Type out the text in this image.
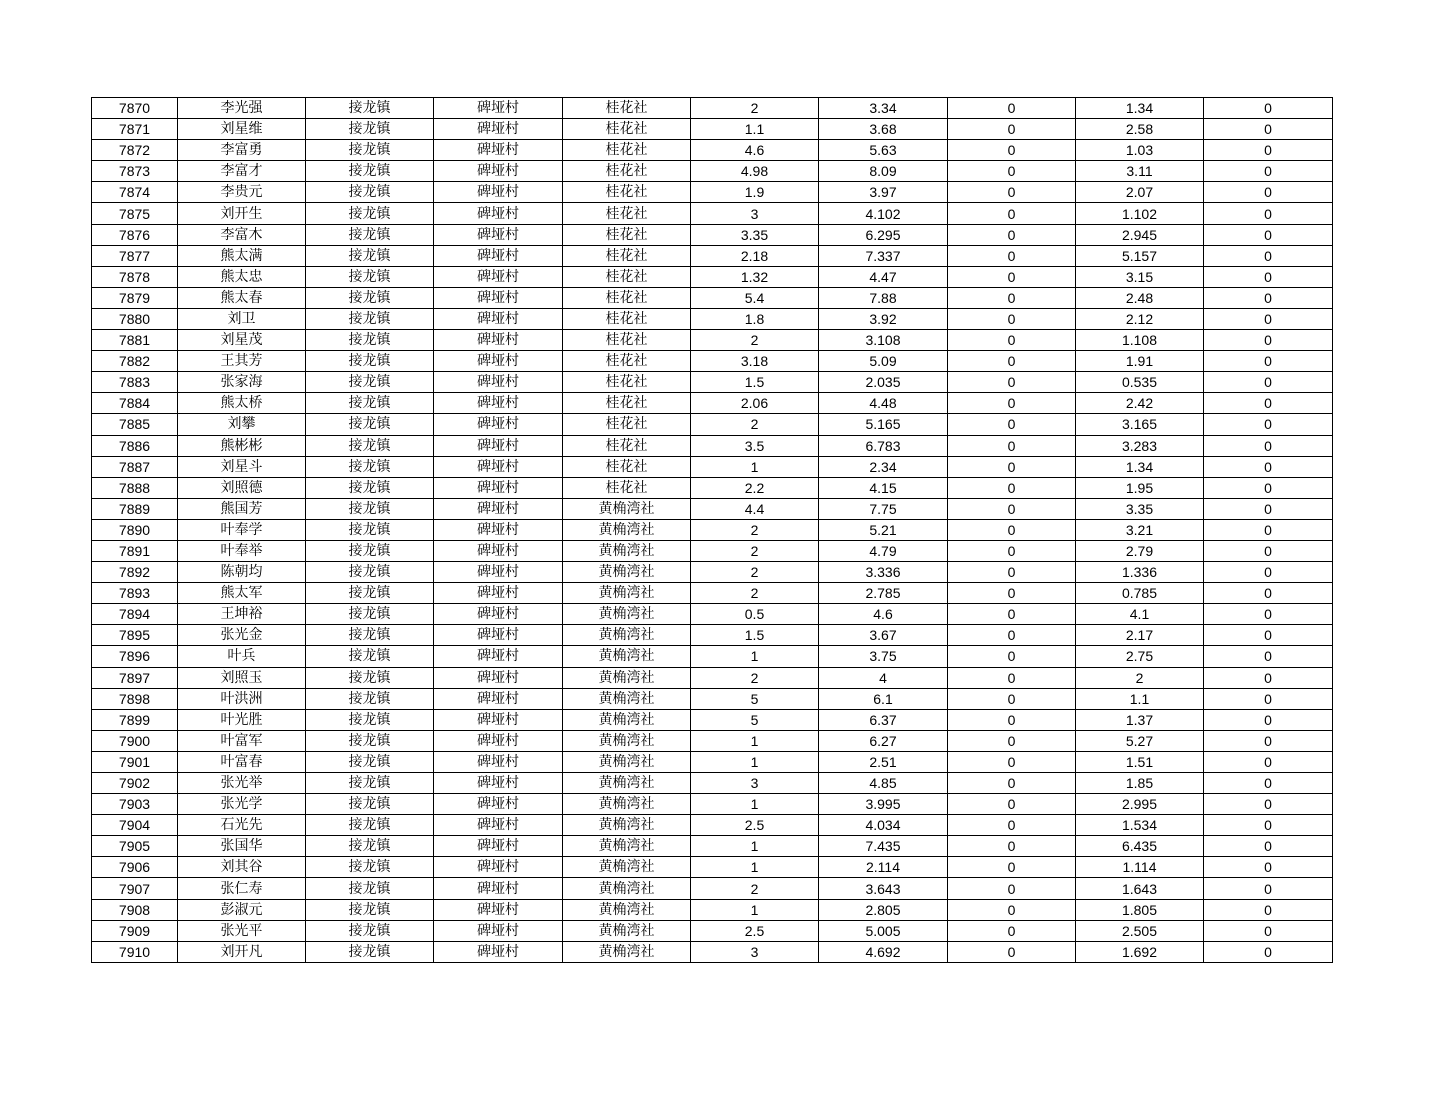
7870	李光强	接龙镇	碑垭村	桂花社	2	3.34	0	1.34	0
7871	刘星维	接龙镇	碑垭村	桂花社	1.1	3.68	0	2.58	0
7872	李富勇	接龙镇	碑垭村	桂花社	4.6	5.63	0	1.03	0
7873	李富才	接龙镇	碑垭村	桂花社	4.98	8.09	0	3.11	0
7874	李贵元	接龙镇	碑垭村	桂花社	1.9	3.97	0	2.07	0
7875	刘开生	接龙镇	碑垭村	桂花社	3	4.102	0	1.102	0
7876	李富木	接龙镇	碑垭村	桂花社	3.35	6.295	0	2.945	0
7877	熊太满	接龙镇	碑垭村	桂花社	2.18	7.337	0	5.157	0
7878	熊太忠	接龙镇	碑垭村	桂花社	1.32	4.47	0	3.15	0
7879	熊太春	接龙镇	碑垭村	桂花社	5.4	7.88	0	2.48	0
7880	刘卫	接龙镇	碑垭村	桂花社	1.8	3.92	0	2.12	0
7881	刘星茂	接龙镇	碑垭村	桂花社	2	3.108	0	1.108	0
7882	王其芳	接龙镇	碑垭村	桂花社	3.18	5.09	0	1.91	0
7883	张家海	接龙镇	碑垭村	桂花社	1.5	2.035	0	0.535	0
7884	熊太桥	接龙镇	碑垭村	桂花社	2.06	4.48	0	2.42	0
7885	刘攀	接龙镇	碑垭村	桂花社	2	5.165	0	3.165	0
7886	熊彬彬	接龙镇	碑垭村	桂花社	3.5	6.783	0	3.283	0
7887	刘星斗	接龙镇	碑垭村	桂花社	1	2.34	0	1.34	0
7888	刘照德	接龙镇	碑垭村	桂花社	2.2	4.15	0	1.95	0
7889	熊国芳	接龙镇	碑垭村	黄桷湾社	4.4	7.75	0	3.35	0
7890	叶奉学	接龙镇	碑垭村	黄桷湾社	2	5.21	0	3.21	0
7891	叶奉举	接龙镇	碑垭村	黄桷湾社	2	4.79	0	2.79	0
7892	陈朝均	接龙镇	碑垭村	黄桷湾社	2	3.336	0	1.336	0
7893	熊太军	接龙镇	碑垭村	黄桷湾社	2	2.785	0	0.785	0
7894	王坤裕	接龙镇	碑垭村	黄桷湾社	0.5	4.6	0	4.1	0
7895	张光金	接龙镇	碑垭村	黄桷湾社	1.5	3.67	0	2.17	0
7896	叶兵	接龙镇	碑垭村	黄桷湾社	1	3.75	0	2.75	0
7897	刘照玉	接龙镇	碑垭村	黄桷湾社	2	4	0	2	0
7898	叶洪洲	接龙镇	碑垭村	黄桷湾社	5	6.1	0	1.1	0
7899	叶光胜	接龙镇	碑垭村	黄桷湾社	5	6.37	0	1.37	0
7900	叶富军	接龙镇	碑垭村	黄桷湾社	1	6.27	0	5.27	0
7901	叶富春	接龙镇	碑垭村	黄桷湾社	1	2.51	0	1.51	0
7902	张光举	接龙镇	碑垭村	黄桷湾社	3	4.85	0	1.85	0
7903	张光学	接龙镇	碑垭村	黄桷湾社	1	3.995	0	2.995	0
7904	石光先	接龙镇	碑垭村	黄桷湾社	2.5	4.034	0	1.534	0
7905	张国华	接龙镇	碑垭村	黄桷湾社	1	7.435	0	6.435	0
7906	刘其谷	接龙镇	碑垭村	黄桷湾社	1	2.114	0	1.114	0
7907	张仁寿	接龙镇	碑垭村	黄桷湾社	2	3.643	0	1.643	0
7908	彭淑元	接龙镇	碑垭村	黄桷湾社	1	2.805	0	1.805	0
7909	张光平	接龙镇	碑垭村	黄桷湾社	2.5	5.005	0	2.505	0
7910	刘开凡	接龙镇	碑垭村	黄桷湾社	3	4.692	0	1.692	0
